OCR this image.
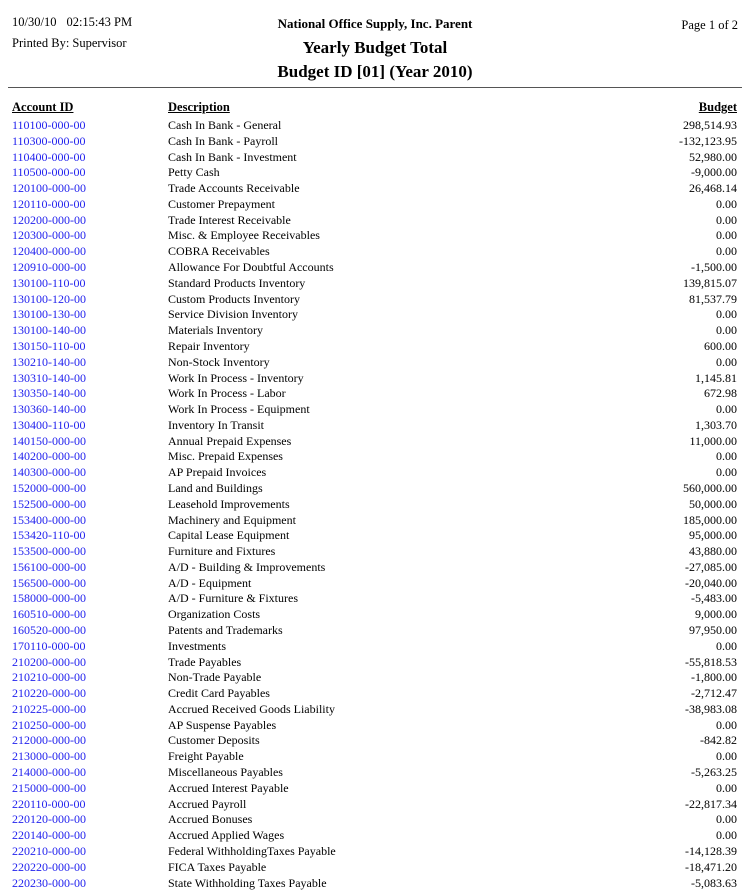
10/30/10 02:15:43 PM
Printed By: Supervisor
Page 1 of 2
National Office Supply, Inc. Parent
Yearly Budget Total
Budget ID [01] (Year 2010)
Account ID	Description	Budget
110100-000-00	Cash In Bank - General	298,514.93
110300-000-00	Cash In Bank - Payroll	-132,123.95
110400-000-00	Cash In Bank - Investment	52,980.00
110500-000-00	Petty Cash	-9,000.00
120100-000-00	Trade Accounts Receivable	26,468.14
120110-000-00	Customer Prepayment	0.00
120200-000-00	Trade Interest Receivable	0.00
120300-000-00	Misc. & Employee Receivables	0.00
120400-000-00	COBRA Receivables	0.00
120910-000-00	Allowance For Doubtful Accounts	-1,500.00
130100-110-00	Standard Products Inventory	139,815.07
130100-120-00	Custom Products Inventory	81,537.79
130100-130-00	Service Division Inventory	0.00
130100-140-00	Materials Inventory	0.00
130150-110-00	Repair Inventory	600.00
130210-140-00	Non-Stock Inventory	0.00
130310-140-00	Work In Process - Inventory	1,145.81
130350-140-00	Work In Process - Labor	672.98
130360-140-00	Work In Process - Equipment	0.00
130400-110-00	Inventory In Transit	1,303.70
140150-000-00	Annual Prepaid Expenses	11,000.00
140200-000-00	Misc. Prepaid Expenses	0.00
140300-000-00	AP Prepaid Invoices	0.00
152000-000-00	Land and Buildings	560,000.00
152500-000-00	Leasehold Improvements	50,000.00
153400-000-00	Machinery and Equipment	185,000.00
153420-110-00	Capital Lease Equipment	95,000.00
153500-000-00	Furniture and Fixtures	43,880.00
156100-000-00	A/D - Building & Improvements	-27,085.00
156500-000-00	A/D - Equipment	-20,040.00
158000-000-00	A/D - Furniture & Fixtures	-5,483.00
160510-000-00	Organization Costs	9,000.00
160520-000-00	Patents and Trademarks	97,950.00
170110-000-00	Investments	0.00
210200-000-00	Trade Payables	-55,818.53
210210-000-00	Non-Trade Payable	-1,800.00
210220-000-00	Credit Card Payables	-2,712.47
210225-000-00	Accrued Received Goods Liability	-38,983.08
210250-000-00	AP Suspense Payables	0.00
212000-000-00	Customer Deposits	-842.82
213000-000-00	Freight Payable	0.00
214000-000-00	Miscellaneous Payables	-5,263.25
215000-000-00	Accrued Interest Payable	0.00
220110-000-00	Accrued Payroll	-22,817.34
220120-000-00	Accrued Bonuses	0.00
220140-000-00	Accrued Applied Wages	0.00
220210-000-00	Federal WithholdingTaxes Payable	-14,128.39
220220-000-00	FICA Taxes Payable	-18,471.20
220230-000-00	State Withholding Taxes Payable	-5,083.63
